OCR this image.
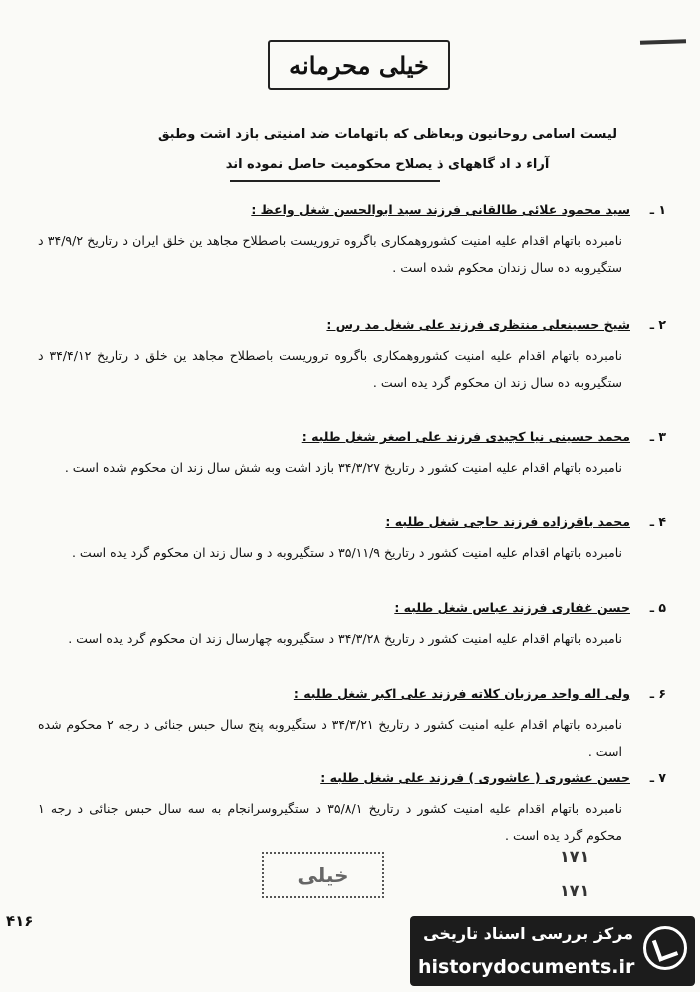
خیلی محرمانه
لیست اسامی روحانیون وبعاظی که باتهامات ضد امنیتی بازد اشت وطبق
آراء د اد گاههای ذ یصلاح محکومیت حاصل نموده اند
۱ ـ
سید محمود علائی طالقانی فرزند سید ابوالحسن شغل واعظ :
نامبرده باتهام اقدام علیه امنیت کشوروهمکاری باگروه تروریست باصطلاح مجاهد ین خلق ایران د رتاریخ ۳۴/۹/۲ د ستگیروبه ده سال زندان محکوم شده است .
۲ ـ
شیخ حسینعلی منتظری فرزند علی شغل مد رس :
نامبرده باتهام اقدام علیه امنیت کشوروهمکاری باگروه تروریست باصطلاح مجاهد ین خلق د رتاریخ ۳۴/۴/۱۲ د ستگیروبه ده سال زند ان محکوم گرد یده است .
۳ ـ
محمد حسینی نیا کجیدی فرزند علی اصغر شغل طلبه :
نامبرده باتهام اقدام علیه امنیت کشور د رتاریخ ۳۴/۳/۲۷ بازد اشت وبه شش سال زند ان محکوم شده است .
۴ ـ
محمد باقرزاده فرزند حاجی شغل طلبه :
نامبرده باتهام اقدام علیه امنیت کشور د رتاریخ ۳۵/۱۱/۹ د ستگیروبه د و سال زند ان محکوم گرد یده است .
۵ ـ
حسن غفاری فرزند عباس شغل طلبه :
نامبرده باتهام اقدام علیه امنیت کشور د رتاریخ ۳۴/۳/۲۸ د ستگیروبه چهارسال زند ان محکوم گرد یده است .
۶ ـ
ولی اله واحد مرزبان کلاته فرزند علی اکبر شغل طلبه :
نامبرده باتهام اقدام علیه امنیت کشور د رتاریخ ۳۴/۳/۲۱ د ستگیروبه پنج سال حبس جنائی د رجه ۲ محکوم شده است .
۷ ـ
حسن عشوری ( عاشوری ) فرزند علی شغل طلبه :
نامبرده باتهام اقدام علیه امنیت کشور د رتاریخ ۳۵/۸/۱ د ستگیروسرانجام به سه سال حبس جنائی د رجه ۱ محکوم گرد یده است .
خیلی
۱۷۱
۱۷۱
۴۱۶
مرکز بررسی اسناد تاریخی
historydocuments.ir
